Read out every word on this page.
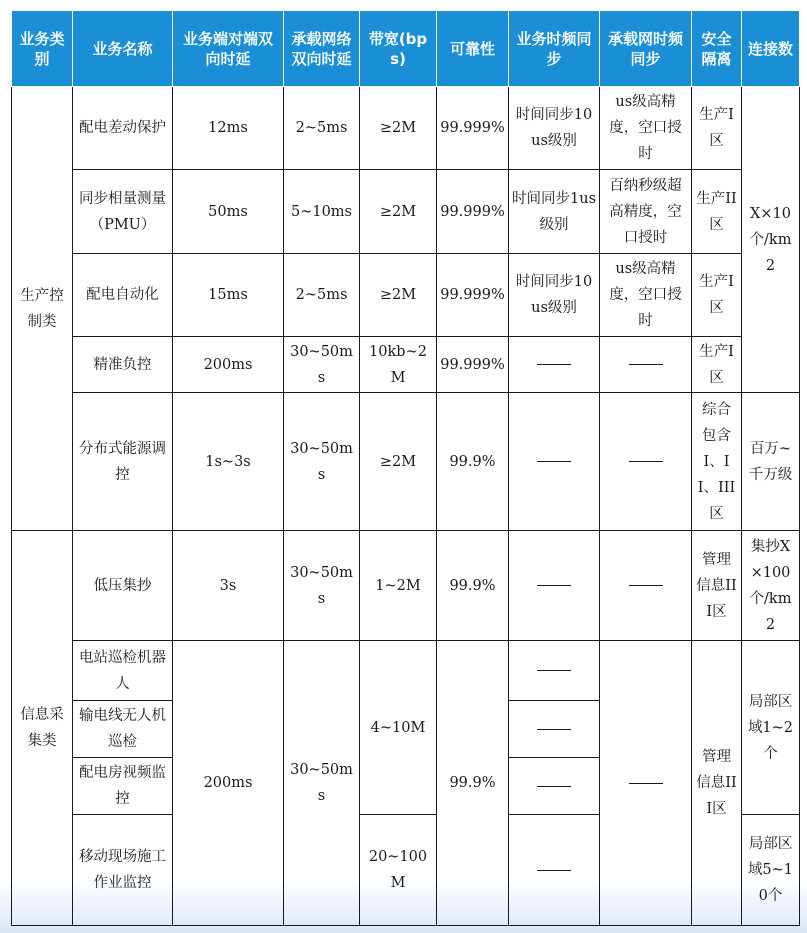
业务类别	业务名称	业务端对端双向时延	承载网络双向时延	带宽(bps)	可靠性	业务时频同步	承载网时频同步	安全隔离	连接数
生产控制类	配电差动保护	12ms	2~5ms	≥2M	99.999%	时间同步10us级别	us级高精度，空口授时	生产I区	X×10个/km2
	同步相量测量（PMU）	50ms	5~10ms	≥2M	99.999%	时间同步1us级别	百纳秒级超高精度，空口授时	生产II区	
	配电自动化	15ms	2~5ms	≥2M	99.999%	时间同步10us级别	us级高精度，空口授时	生产I区	
	精准负控	200ms	30~50ms	10kb~2M	99.999%			生产I区	
	分布式能源调控	1s~3s	30~50ms	≥2M	99.9%			综合包含I、II、III区	百万~千万级
信息采集类	低压集抄	3s	30~50ms	1~2M	99.9%			管理信息III区	集抄X×100个/km2
	电站巡检机器人	200ms	30~50ms	4~10M	99.9%			管理信息III区	局部区域1~2个
	输电线无人机巡检								
	配电房视频监控								
	移动现场施工作业监控			20~100M					局部区域5~10个
